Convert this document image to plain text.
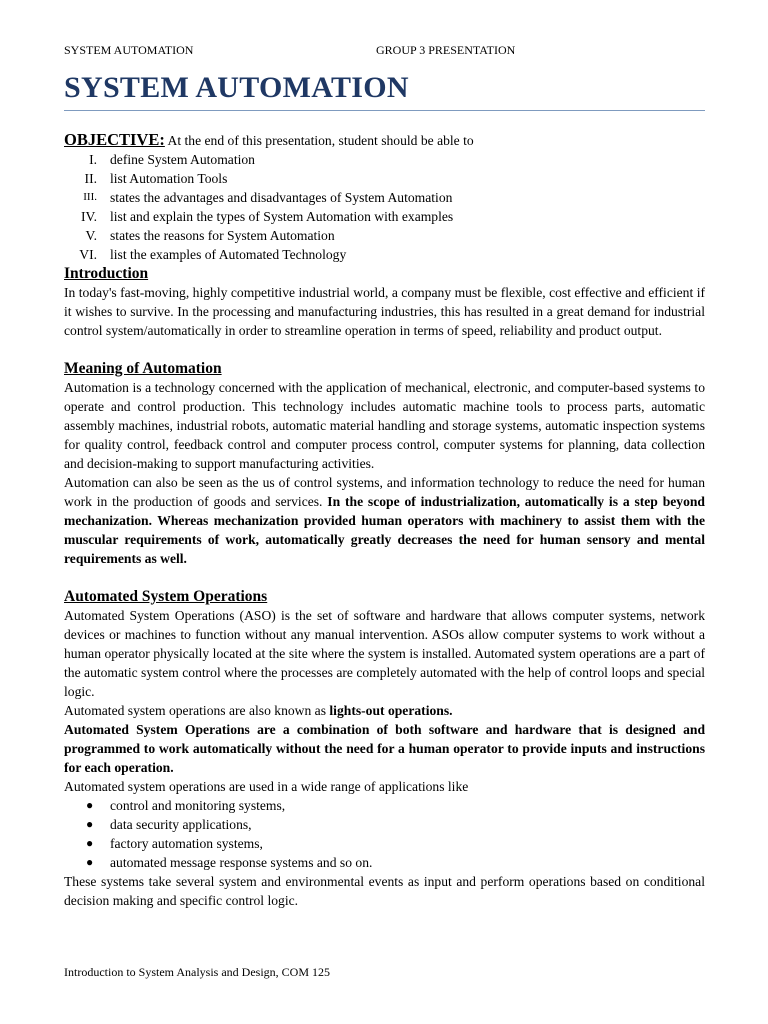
SYSTEM AUTOMATION	GROUP 3 PRESENTATION
SYSTEM AUTOMATION
OBJECTIVE: At the end of this presentation, student should be able to
I. define System Automation
II. list Automation Tools
III. states the advantages and disadvantages of System Automation
IV. list and explain the types of System Automation with examples
V. states the reasons for System Automation
VI. list the examples of Automated Technology
Introduction

In today's fast-moving, highly competitive industrial world, a company must be flexible, cost effective and efficient if it wishes to survive. In the processing and manufacturing industries, this has resulted in a great demand for industrial control system/automatically in order to streamline operation in terms of speed, reliability and product output.

Meaning of Automation

Automation is a technology concerned with the application of mechanical, electronic, and computer-based systems to operate and control production. This technology includes automatic machine tools to process parts, automatic assembly machines, industrial robots, automatic material handling and storage systems, automatic inspection systems for quality control, feedback control and computer process control, computer systems for planning, data collection and decision-making to support manufacturing activities.

Automation can also be seen as the us of control systems, and information technology to reduce the need for human work in the production of goods and services. In the scope of industrialization, automatically is a step beyond mechanization. Whereas mechanization provided human operators with machinery to assist them with the muscular requirements of work, automatically greatly decreases the need for human sensory and mental requirements as well.

Automated System Operations

Automated System Operations (ASO) is the set of software and hardware that allows computer systems, network devices or machines to function without any manual intervention. ASOs allow computer systems to work without a human operator physically located at the site where the system is installed. Automated system operations are a part of the automatic system control where the processes are completely automated with the help of control loops and special logic.

Automated system operations are also known as lights-out operations.

Automated System Operations are a combination of both software and hardware that is designed and programmed to work automatically without the need for a human operator to provide inputs and instructions for each operation.

Automated system operations are used in a wide range of applications like

● control and monitoring systems,
● data security applications,
● factory automation systems,
● automated message response systems and so on.

These systems take several system and environmental events as input and perform operations based on conditional decision making and specific control logic.

Introduction to System Analysis and Design, COM 125
